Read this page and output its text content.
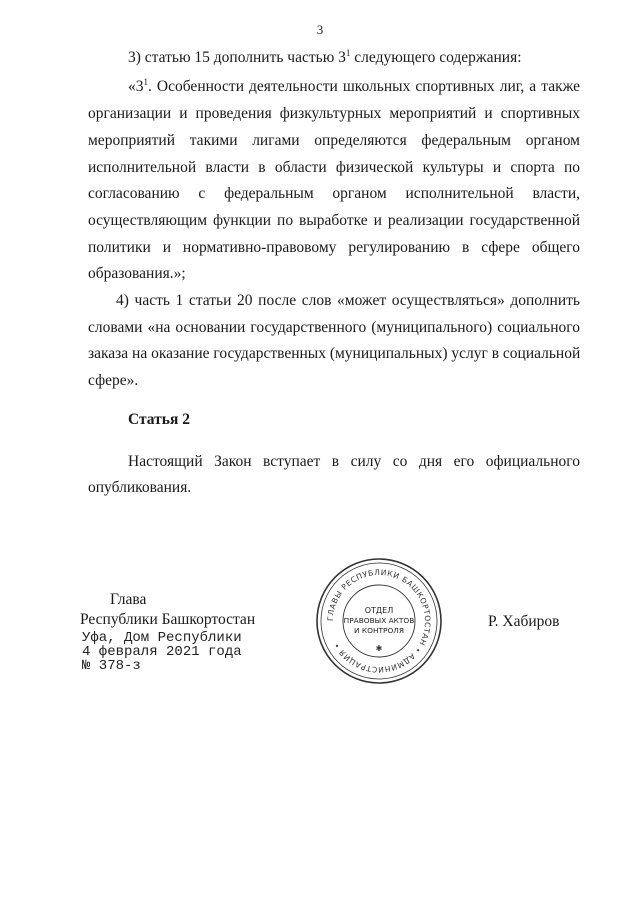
3
3) статью 15 дополнить частью $3^1$ следующего содержания:
«$3^1$. Особенности деятельности школьных спортивных лиг, а также
организации и проведения физкультурных мероприятий и спортивных
мероприятий такими лигами определяются федеральным органом
исполнительной власти в области физической культуры и спорта по
согласованию с федеральным органом исполнительной власти,
осуществляющим функции по выработке и реализации государственной
политики и нормативно-правовому регулированию в сфере общего
образования.»;
4) часть 1 статьи 20 после слов «может осуществляться» дополнить
словами «на основании государственного (муниципального) социального
заказа на оказание государственных (муниципальных) услуг в социальной
сфере».
Статья 2
Настоящий Закон вступает в силу со дня его официального
опубликования.
Глава
Республики Башкортостан	Р. Хабиров
Уфа, Дом Республики
4 февраля 2021 года
№ 378-з
ГЛАВЫ РЕСПУБЛИКИ БАШКОРТОСТАН • АДМИНИСТРАЦИЯ •
ОТДЕЛ
ПРАВОВЫХ АКТОВ
И КОНТРОЛЯ
✱
